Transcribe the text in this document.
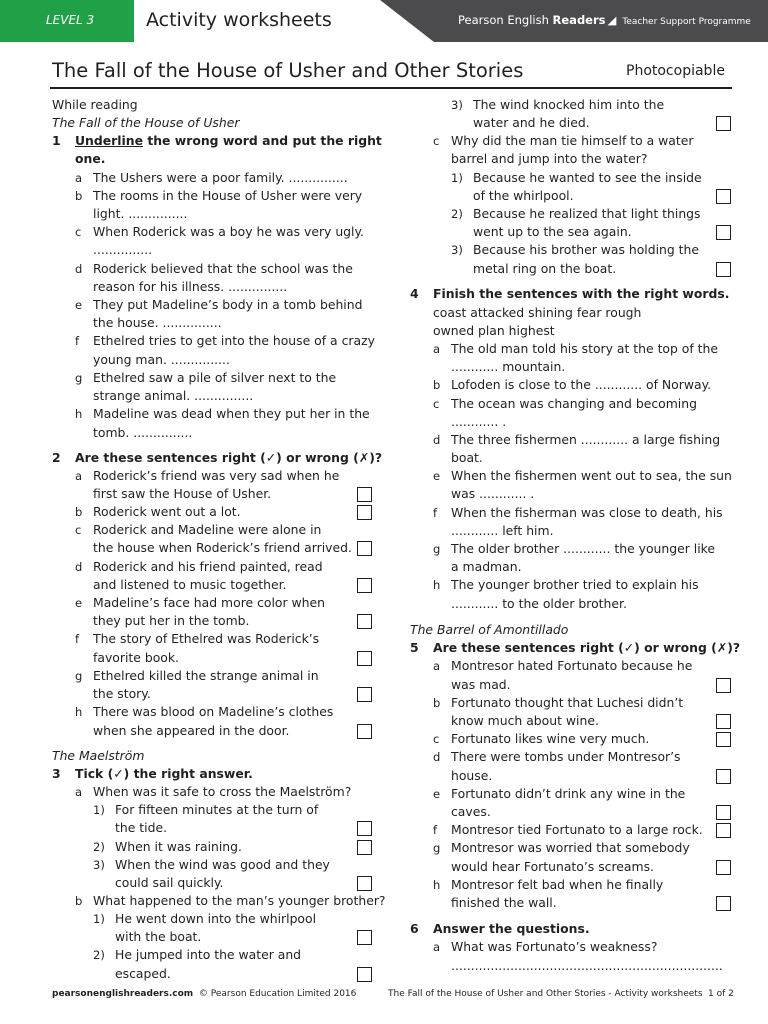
LEVEL 3	Activity worksheets	Pearson English Readers ◢ Teacher Support Programme
The Fall of the House of Usher and Other Stories	Photocopiable
While reading
The Fall of the House of Usher
1 Underline the wrong word and put the right
one.
a The Ushers were a poor family. ...............
b The rooms in the House of Usher were very
light. ...............
c When Roderick was a boy he was very ugly.
...............
d Roderick believed that the school was the
reason for his illness. ...............
e They put Madeline’s body in a tomb behind
the house. ...............
f Ethelred tries to get into the house of a crazy
young man. ...............
g Ethelred saw a pile of silver next to the
strange animal. ...............
h Madeline was dead when they put her in the
tomb. ...............
2 Are these sentences right (✓) or wrong (✗)?
a Roderick’s friend was very sad when he
first saw the House of Usher.
b Roderick went out a lot.
c Roderick and Madeline were alone in
the house when Roderick’s friend arrived.
d Roderick and his friend painted, read
and listened to music together.
e Madeline’s face had more color when
they put her in the tomb.
f The story of Ethelred was Roderick’s
favorite book.
g Ethelred killed the strange animal in
the story.
h There was blood on Madeline’s clothes
when she appeared in the door.
The Maelström
3 Tick (✓) the right answer.
a When was it safe to cross the Maelström?
1) For fifteen minutes at the turn of
the tide.
2) When it was raining.
3) When the wind was good and they
could sail quickly.
b What happened to the man’s younger brother?
1) He went down into the whirlpool
with the boat.
2) He jumped into the water and
escaped.
3) The wind knocked him into the
water and he died.
c Why did the man tie himself to a water
barrel and jump into the water?
1) Because he wanted to see the inside
of the whirlpool.
2) Because he realized that light things
went up to the sea again.
3) Because his brother was holding the
metal ring on the boat.
4 Finish the sentences with the right words.
coast attacked shining fear rough
owned plan highest
a The old man told his story at the top of the
............ mountain.
b Lofoden is close to the ............ of Norway.
c The ocean was changing and becoming
............ .
d The three fishermen ............ a large fishing
boat.
e When the fishermen went out to sea, the sun
was ............ .
f When the fisherman was close to death, his
............ left him.
g The older brother ............ the younger like
a madman.
h The younger brother tried to explain his
............ to the older brother.
The Barrel of Amontillado
5 Are these sentences right (✓) or wrong (✗)?
a Montresor hated Fortunato because he
was mad.
b Fortunato thought that Luchesi didn’t
know much about wine.
c Fortunato likes wine very much.
d There were tombs under Montresor’s
house.
e Fortunato didn’t drink any wine in the
caves.
f Montresor tied Fortunato to a large rock.
g Montresor was worried that somebody
would hear Fortunato’s screams.
h Montresor felt bad when he finally
finished the wall.
6 Answer the questions.
a What was Fortunato’s weakness?
.....................................................................
pearsonenglishreaders.com © Pearson Education Limited 2016	The Fall of the House of Usher and Other Stories - Activity worksheets 1 of 2
